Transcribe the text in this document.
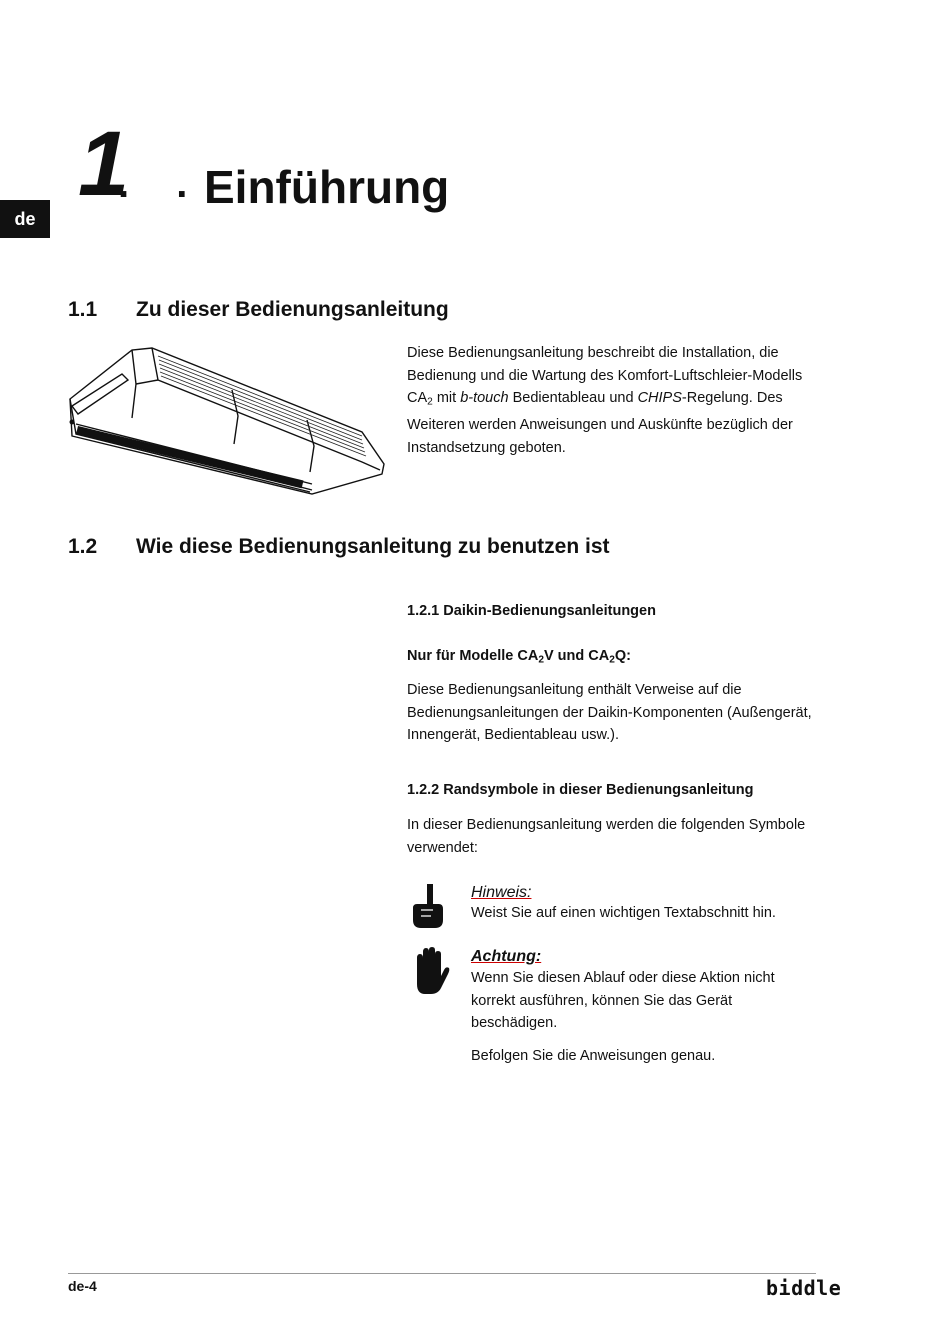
de
1
. .
Einführung
1.1 Zu dieser Bedienungsanleitung
Diese Bedienungsanleitung beschreibt die Installation, die
Bedienung und die Wartung des Komfort-Luftschleier-Modells
$CA_2$ mit b-touch Bedientableau und CHIPS-Regelung. Des
Weiteren werden Anweisungen und Auskünfte bezüglich der
Instandsetzung geboten.
1.2 Wie diese Bedienungsanleitung zu benutzen ist
1.2.1 Daikin-Bedienungsanleitungen
Nur für Modelle $CA_2V$ und $CA_2Q$:
Diese Bedienungsanleitung enthält Verweise auf die
Bedienungsanleitungen der Daikin-Komponenten (Außengerät,
Innengerät, Bedientableau usw.).
1.2.2 Randsymbole in dieser Bedienungsanleitung
In dieser Bedienungsanleitung werden die folgenden Symbole
verwendet:
Hinweis:
Weist Sie auf einen wichtigen Textabschnitt hin.
Achtung:
Wenn Sie diesen Ablauf oder diese Aktion nicht
korrekt ausführen, können Sie das Gerät
beschädigen.
Befolgen Sie die Anweisungen genau.
de-4	biddle
